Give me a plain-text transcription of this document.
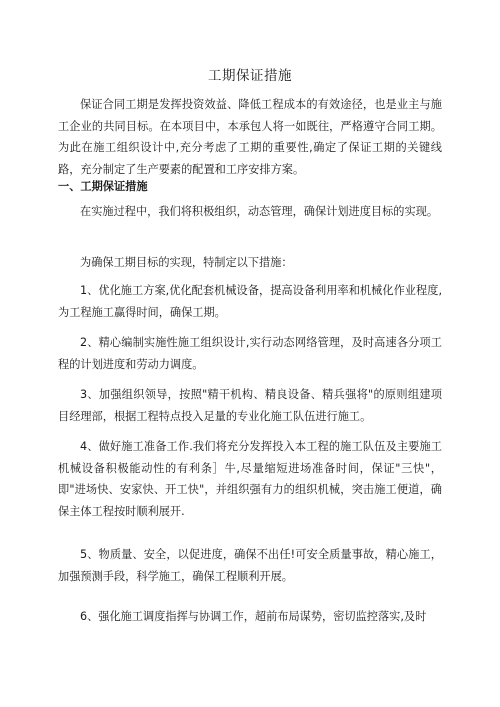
工期保证措施

保证合同工期是发挥投资效益、降低工程成本的有效途径，也是业主与施工企业的共同目标。在本项目中，本承包人将一如既往，严格遵守合同工期。为此在施工组织设计中,充分考虑了工期的重要性,确定了保证工期的关键线路，充分制定了生产要素的配置和工序安排方案。

一、工期保证措施

在实施过程中，我们将积极组织，动态管理，确保计划进度目标的实现。

为确保工期目标的实现，特制定以下措施：

1、优化施工方案,优化配套机械设备，提高设备利用率和机械化作业程度,为工程施工赢得时间，确保工期。

2、精心编制实施性施工组织设计,实行动态网络管理，及时高速各分项工程的计划进度和劳动力调度。

3、加强组织领导，按照"精干机构、精良设备、精兵强将"的原则组建项目经理部，根据工程特点投入足量的专业化施工队伍进行施工。

4、做好施工准备工作.我们将充分发挥投入本工程的施工队伍及主要施工机械设备积极能动性的有利条］牛,尽量缩短进场准备时间，保证"三快"，即"进场快、安家快、开工快"，并组织强有力的组织机械，突击施工便道，确保主体工程按时顺利展开.

5、物质量、安全，以促进度，确保不出任!可安全质量事故，精心施工，加强预测手段，科学施工，确保工程顺利开展。

6、强化施工调度指挥与协调工作，超前布局谋势，密切监控落实,及时
